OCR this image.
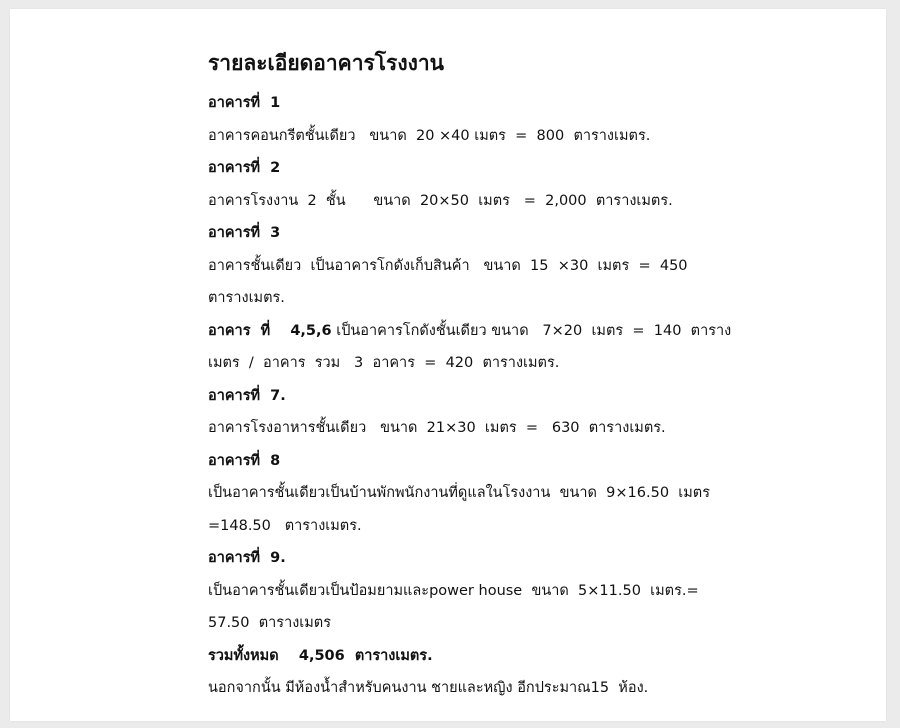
รายละเอียดอาคารโรงงาน
อาคารที่  1
อาคารคอนกรีตชั้นเดียว   ขนาด  20 ×40 เมตร  =  800  ตารางเมตร.
อาคารที่  2
อาคารโรงงาน  2  ชั้น      ขนาด  20×50  เมตร   =  2,000  ตารางเมตร.
อาคารที่  3
อาคารชั้นเดียว  เป็นอาคารโกดังเก็บสินค้า   ขนาด  15  ×30  เมตร  =  450
ตารางเมตร.
อาคาร  ที่    4,5,6 เป็นอาคารโกดังชั้นเดียว ขนาด   7×20  เมตร  =  140  ตาราง
เมตร  /  อาคาร  รวม   3  อาคาร  =  420  ตารางเมตร.
อาคารที่  7.
อาคารโรงอาหารชั้นเดียว   ขนาด  21×30  เมตร  =   630  ตารางเมตร.
อาคารที่  8
เป็นอาคารชั้นเดียวเป็นบ้านพักพนักงานที่ดูแลในโรงงาน  ขนาด  9×16.50  เมตร
=148.50   ตารางเมตร.
อาคารที่  9.
เป็นอาคารชั้นเดียวเป็นป้อมยามและpower house  ขนาด  5×11.50  เมตร.=
57.50  ตารางเมตร
รวมทั้งหมด    4,506  ตารางเมตร.
นอกจากนั้น มีห้องน้ำสำหรับคนงาน ชายและหญิง อีกประมาณ15  ห้อง.
